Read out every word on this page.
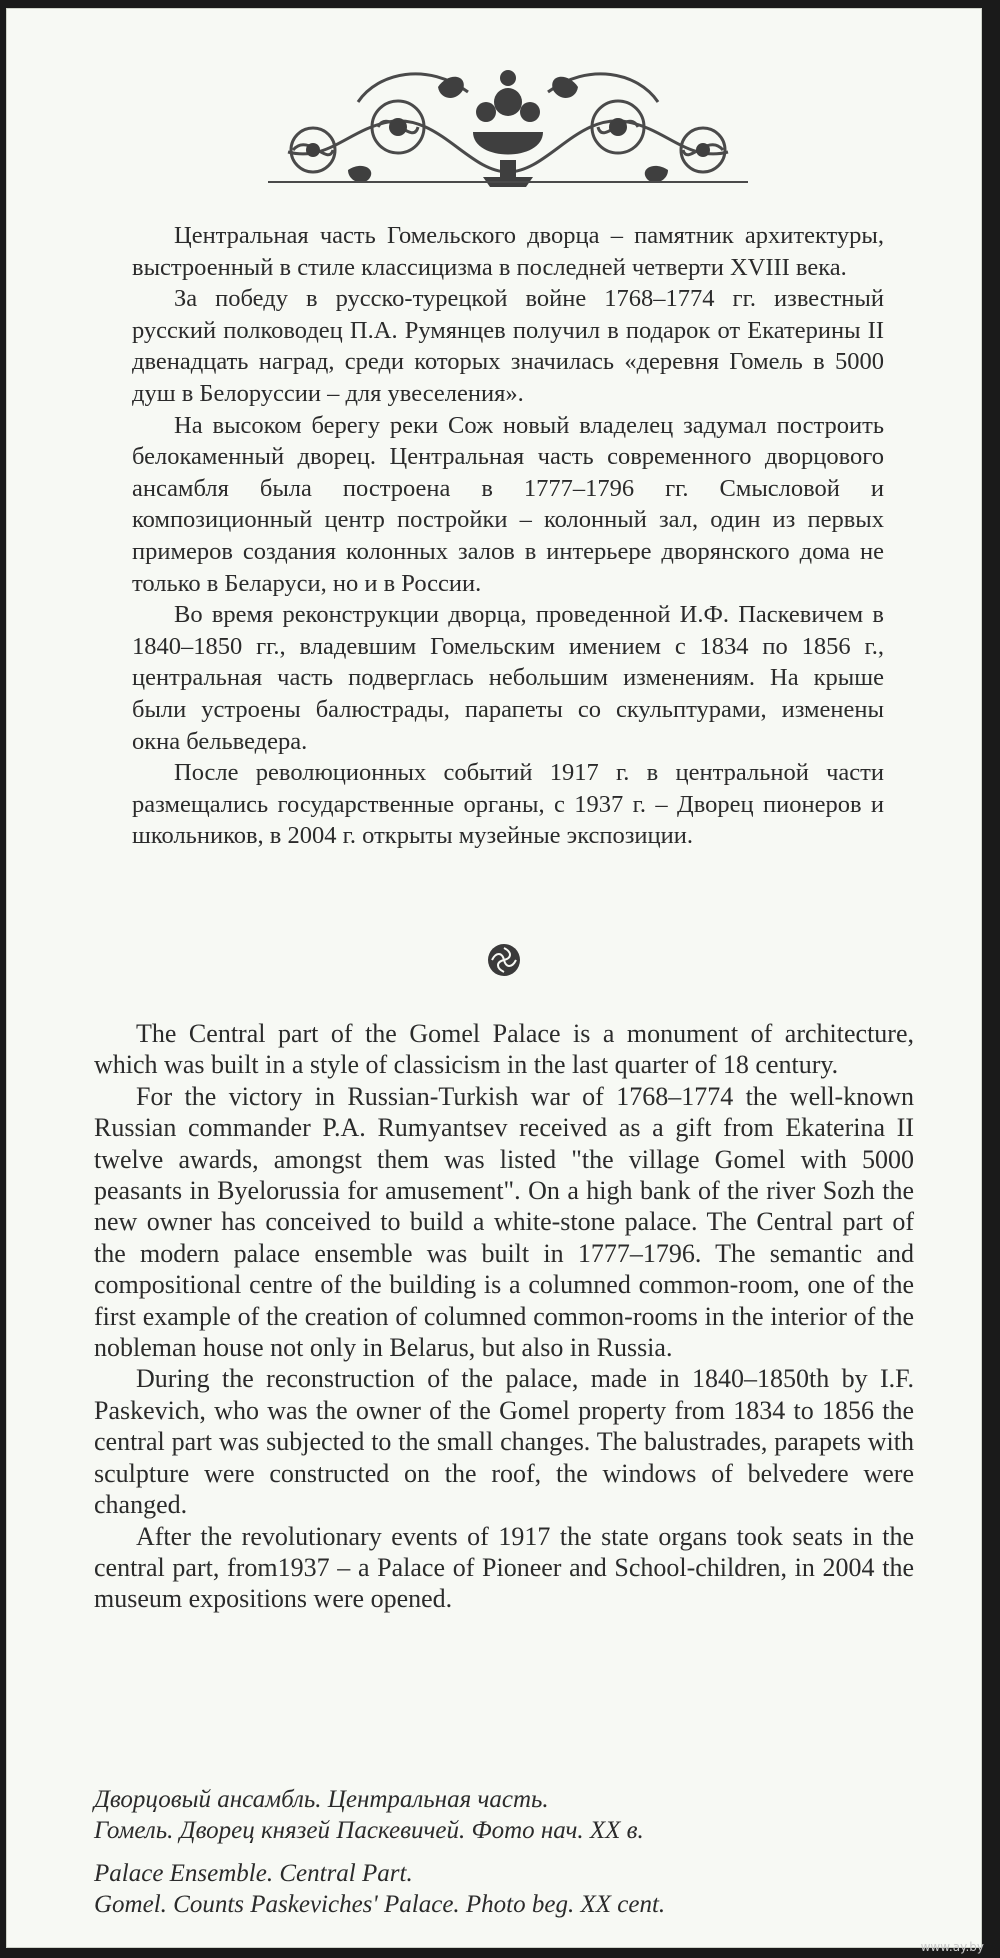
Центральная часть Гомельского дворца – памятник архитектуры, выстроенный в стиле классицизма в последней четверти XVIII века.

За победу в русско-турецкой войне 1768–1774 гг. известный русский полководец П.А. Румянцев получил в подарок от Екатерины II двенадцать наград, среди которых значилась «деревня Гомель в 5000 душ в Белоруссии – для увеселения».

На высоком берегу реки Сож новый владелец задумал построить белокаменный дворец. Центральная часть современного дворцового ансамбля была построена в 1777–1796 гг. Смысловой и композиционный центр постройки – колонный зал, один из первых примеров создания колонных залов в интерьере дворянского дома не только в Беларуси, но и в России.

Во время реконструкции дворца, проведенной И.Ф. Паскевичем в 1840–1850 гг., владевшим Гомельским имением с 1834 по 1856 г., центральная часть подверглась небольшим изменениям. На крыше были устроены балюстрады, парапеты со скульптурами, изменены окна бельведера.

После революционных событий 1917 г. в центральной части размещались государственные органы, с 1937 г. – Дворец пионеров и школьников, в 2004 г. открыты музейные экспозиции.

The Central part of the Gomel Palace is a monument of architecture, which was built in a style of classicism in the last quarter of 18 century.

For the victory in Russian-Turkish war of 1768–1774 the well-known Russian commander P.A. Rumyantsev received as a gift from Ekaterina II twelve awards, amongst them was listed "the village Gomel with 5000 peasants in Byelorussia for amusement". On a high bank of the river Sozh the new owner has conceived to build a white-stone palace. The Central part of the modern palace ensemble was built in 1777–1796. The semantic and compositional centre of the building is a columned common-room, one of the first example of the creation of columned common-rooms in the interior of the nobleman house not only in Belarus, but also in Russia.

During the reconstruction of the palace, made in 1840–1850th by I.F. Paskevich, who was the owner of the Gomel property from 1834 to 1856 the central part was subjected to the small changes. The balustrades, parapets with sculpture were constructed on the roof, the windows of belvedere were changed.

After the revolutionary events of 1917 the state organs took seats in the central part, from1937 – a Palace of Pioneer and School-children, in 2004 the museum expositions were opened.

Дворцовый ансамбль. Центральная часть.
Гомель. Дворец князей Паскевичей. Фото нач. XX в.
Palace Ensemble. Central Part.
Gomel. Counts Paskeviches' Palace. Photo beg. XX cent.
www.ay.by
